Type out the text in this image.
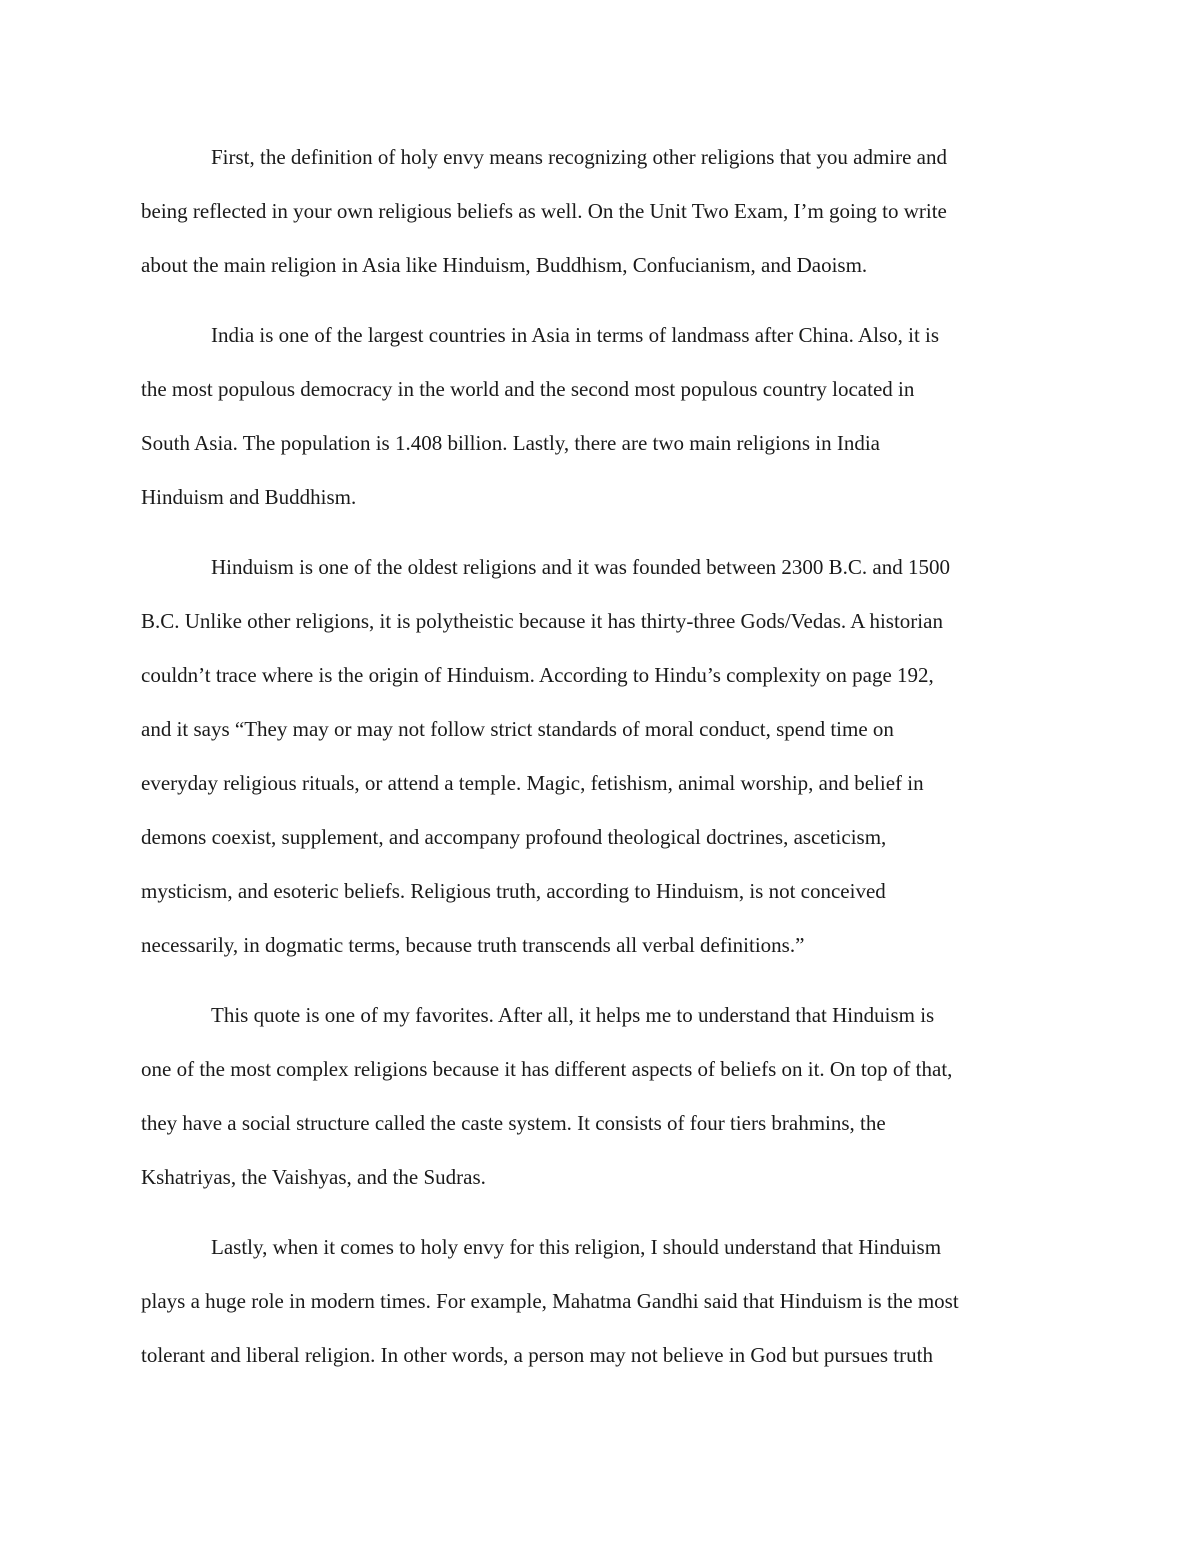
First, the definition of holy envy means recognizing other religions that you admire and
being reflected in your own religious beliefs as well. On the Unit Two Exam, I’m going to write
about the main religion in Asia like Hinduism, Buddhism, Confucianism, and Daoism.
India is one of the largest countries in Asia in terms of landmass after China. Also, it is
the most populous democracy in the world and the second most populous country located in
South Asia. The population is 1.408 billion. Lastly, there are two main religions in India
Hinduism and Buddhism.
Hinduism is one of the oldest religions and it was founded between 2300 B.C. and 1500
B.C. Unlike other religions, it is polytheistic because it has thirty-three Gods/Vedas. A historian
couldn’t trace where is the origin of Hinduism. According to Hindu’s complexity on page 192,
and it says “They may or may not follow strict standards of moral conduct, spend time on
everyday religious rituals, or attend a temple. Magic, fetishism, animal worship, and belief in
demons coexist, supplement, and accompany profound theological doctrines, asceticism,
mysticism, and esoteric beliefs. Religious truth, according to Hinduism, is not conceived
necessarily, in dogmatic terms, because truth transcends all verbal definitions.”
This quote is one of my favorites. After all, it helps me to understand that Hinduism is
one of the most complex religions because it has different aspects of beliefs on it. On top of that,
they have a social structure called the caste system. It consists of four tiers brahmins, the
Kshatriyas, the Vaishyas, and the Sudras.
Lastly, when it comes to holy envy for this religion, I should understand that Hinduism
plays a huge role in modern times. For example, Mahatma Gandhi said that Hinduism is the most
tolerant and liberal religion. In other words, a person may not believe in God but pursues truth
